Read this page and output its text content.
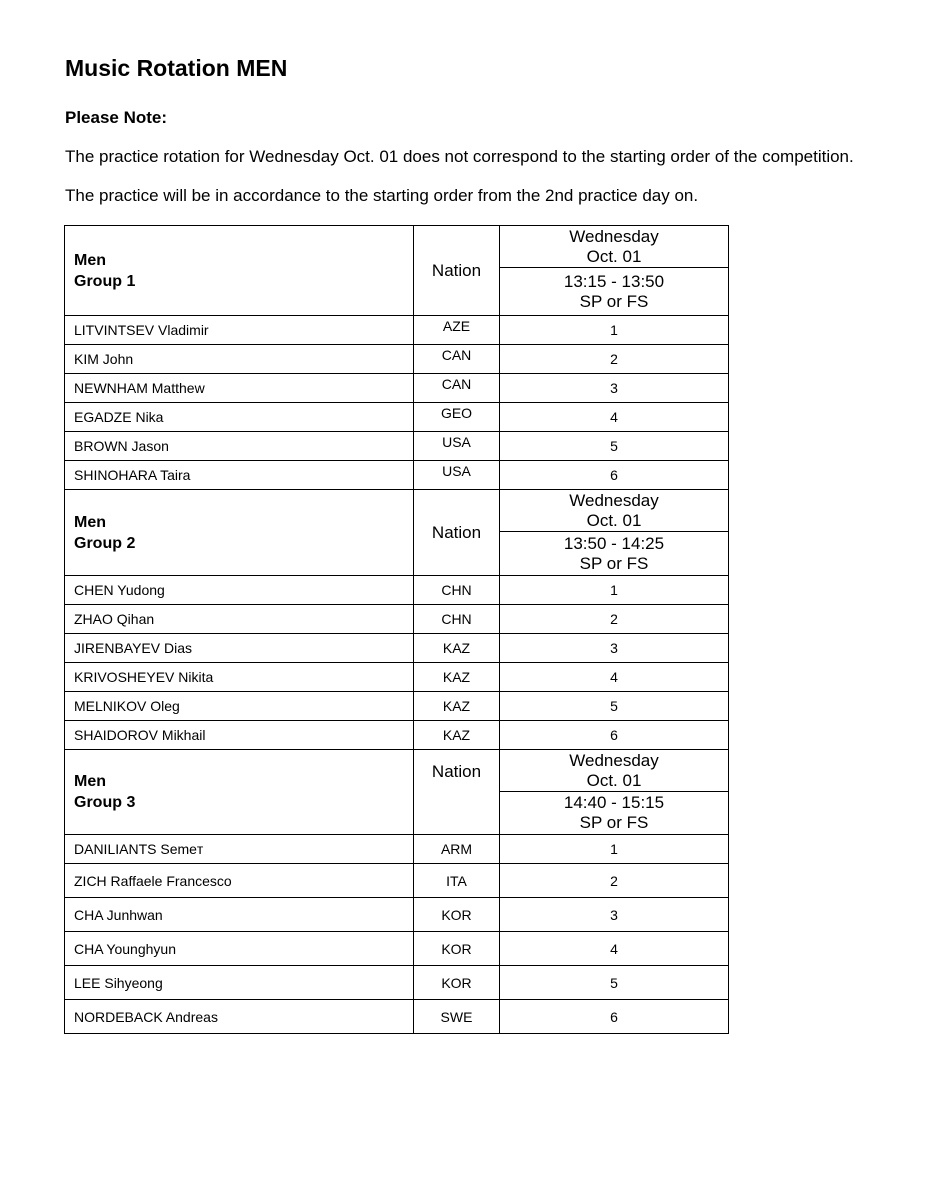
Music Rotation MEN
Please Note:
The practice rotation for Wednesday Oct. 01 does not correspond to the starting order of the competition.
The practice will be in accordance to the starting order from the 2nd practice day on.
Men
Group 1	Nation	Wednesday
Oct. 01

		13:15 - 13:50
SP or FS

LITVINTSEV Vladimir	AZE	1
KIM John	CAN	2
NEWNHAM Matthew	CAN	3
EGADZE Nika	GEO	4
BROWN Jason	USA	5
SHINOHARA Taira	USA	6

Men
Group 2	Nation	Wednesday
Oct. 01

		13:50 - 14:25
SP or FS

CHEN Yudong	CHN	1
ZHAO Qihan	CHN	2
JIRENBAYEV Dias	KAZ	3
KRIVOSHEYEV Nikita	KAZ	4
MELNIKOV Oleg	KAZ	5
SHAIDOROV Mikhail	KAZ	6

Men
Group 3	Nation	Wednesday
Oct. 01

		14:40 - 15:15
SP or FS

DANILIANTS Semeт	ARM	1
ZICH Raffaele Francesco	ITA	2
CHA Junhwan	KOR	3
CHA Younghyun	KOR	4
LEE Sihyeong	KOR	5
NORDEBACK Andreas	SWE	6
